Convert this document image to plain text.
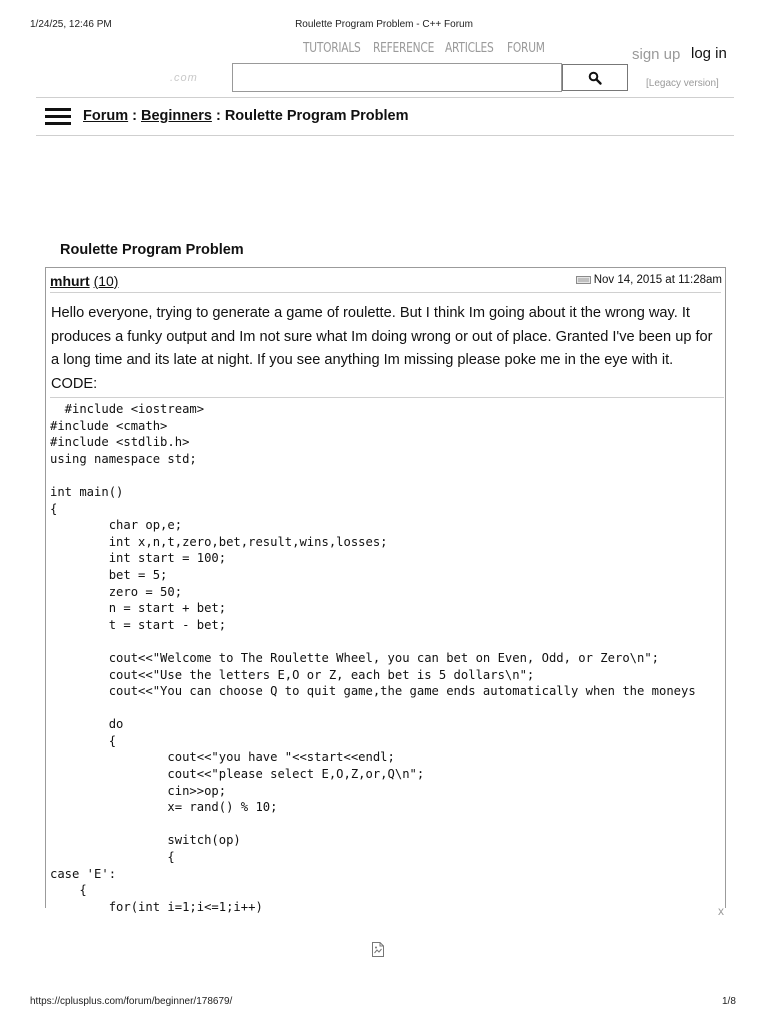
1/24/25, 12:46 PM	Roulette Program Problem - C++ Forum
TUTORIALS REFERENCE ARTICLES FORUM	sign up log in
.com	[Legacy version]
Forum : Beginners : Roulette Program Problem
Roulette Program Problem
mhurt (10)	Nov 14, 2015 at 11:28am
Hello everyone, trying to generate a game of roulette. But I think Im going about it the wrong way. It produces a funky output and Im not sure what Im doing wrong or out of place. Granted I've been up for a long time and its late at night. If you see anything Im missing please poke me in the eye with it. CODE:
#include <iostream>
#include <cmath>
#include <stdlib.h>
using namespace std;

int main()
{
char op,e;
int x,n,t,zero,bet,result,wins,losses;
int start = 100;
bet = 5;
zero = 50;
n = start + bet;
t = start - bet;

cout<<"Welcome to The Roulette Wheel, you can bet on Even, Odd, or Zero\n";
cout<<"Use the letters E,O or Z, each bet is 5 dollars\n";
cout<<"You can choose Q to quit game,the game ends automatically when the moneys

do
{
cout<<"you have "<<start<<endl;
cout<<"please select E,O,Z,or,Q\n";
cin>>op;
x= rand() % 10;

switch(op)
{
case 'E':
{
for(int i=1;i<=1;i++)	x
https://cplusplus.com/forum/beginner/178679/	1/8
